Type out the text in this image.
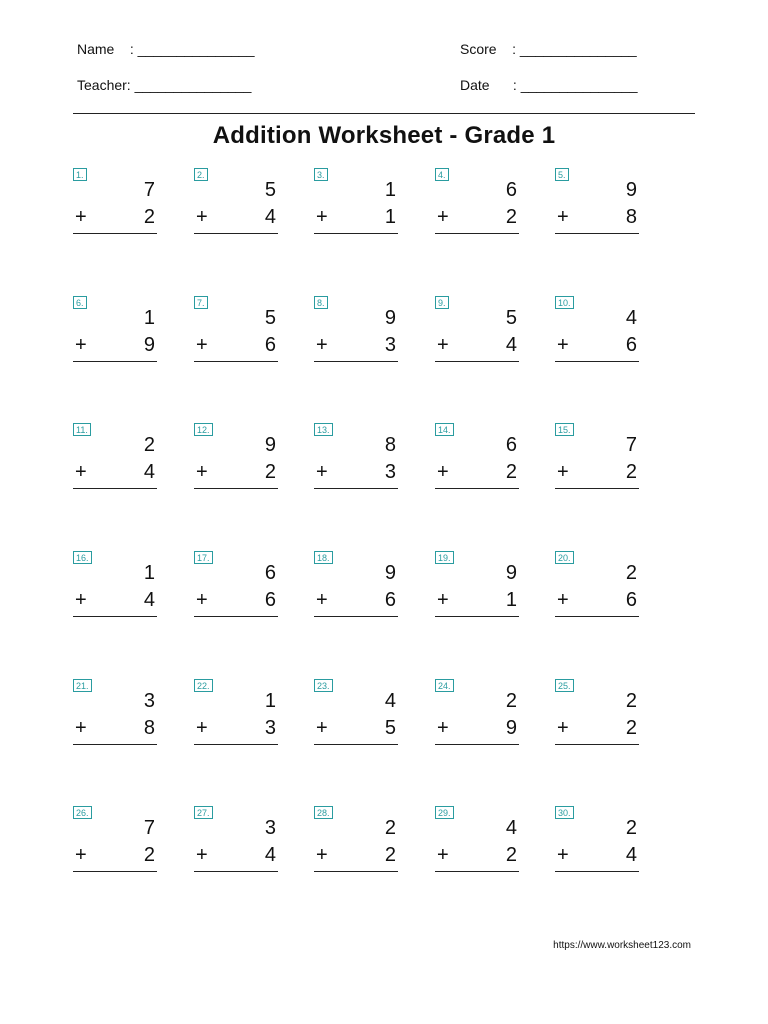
Name    : _______________
Teacher: _______________
Score    : _______________
Date      : _______________
Addition Worksheet - Grade 1
1.
7
+	2
2.
5
+	4
3.
1
+	1
4.
6
+	2
5.
9
+	8
6.
1
+	9
7.
5
+	6
8.
9
+	3
9.
5
+	4
10.
4
+	6
11.
2
+	4
12.
9
+	2
13.
8
+	3
14.
6
+	2
15.
7
+	2
16.
1
+	4
17.
6
+	6
18.
9
+	6
19.
9
+	1
20.
2
+	6
21.
3
+	8
22.
1
+	3
23.
4
+	5
24.
2
+	9
25.
2
+	2
26.
7
+	2
27.
3
+	4
28.
2
+	2
29.
4
+	2
30.
2
+	4
https://www.worksheet123.com
